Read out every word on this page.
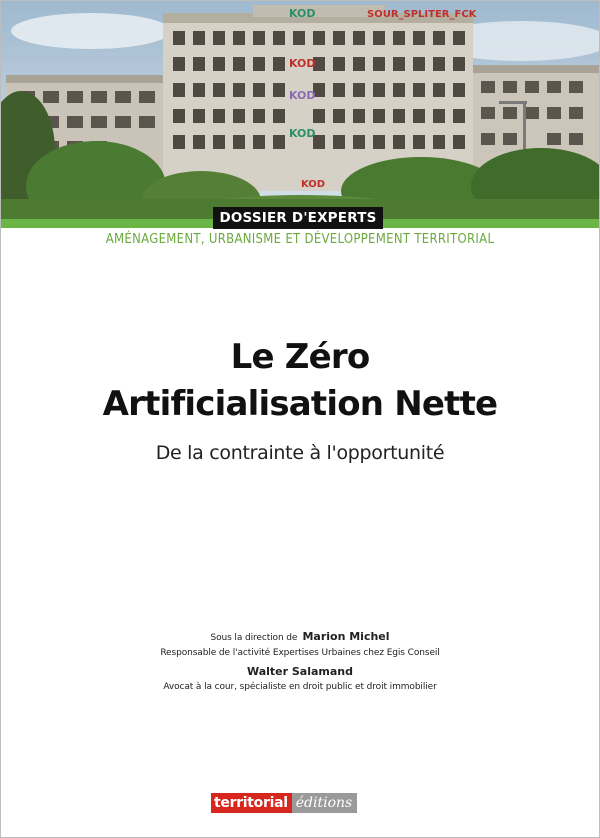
KOD	SOUR_SPLITER_FCK
KOD
KOD
KOD
KOD
DOSSIER D'EXPERTS
AMÉNAGEMENT, URBANISME ET DÉVELOPPEMENT TERRITORIAL
Le Zéro
Artificialisation Nette
De la contrainte à l'opportunité
Sous la direction de Marion Michel
Responsable de l'activité Expertises Urbaines chez Egis Conseil
Walter Salamand
Avocat à la cour, spécialiste en droit public et droit immobilier
territorial éditions
